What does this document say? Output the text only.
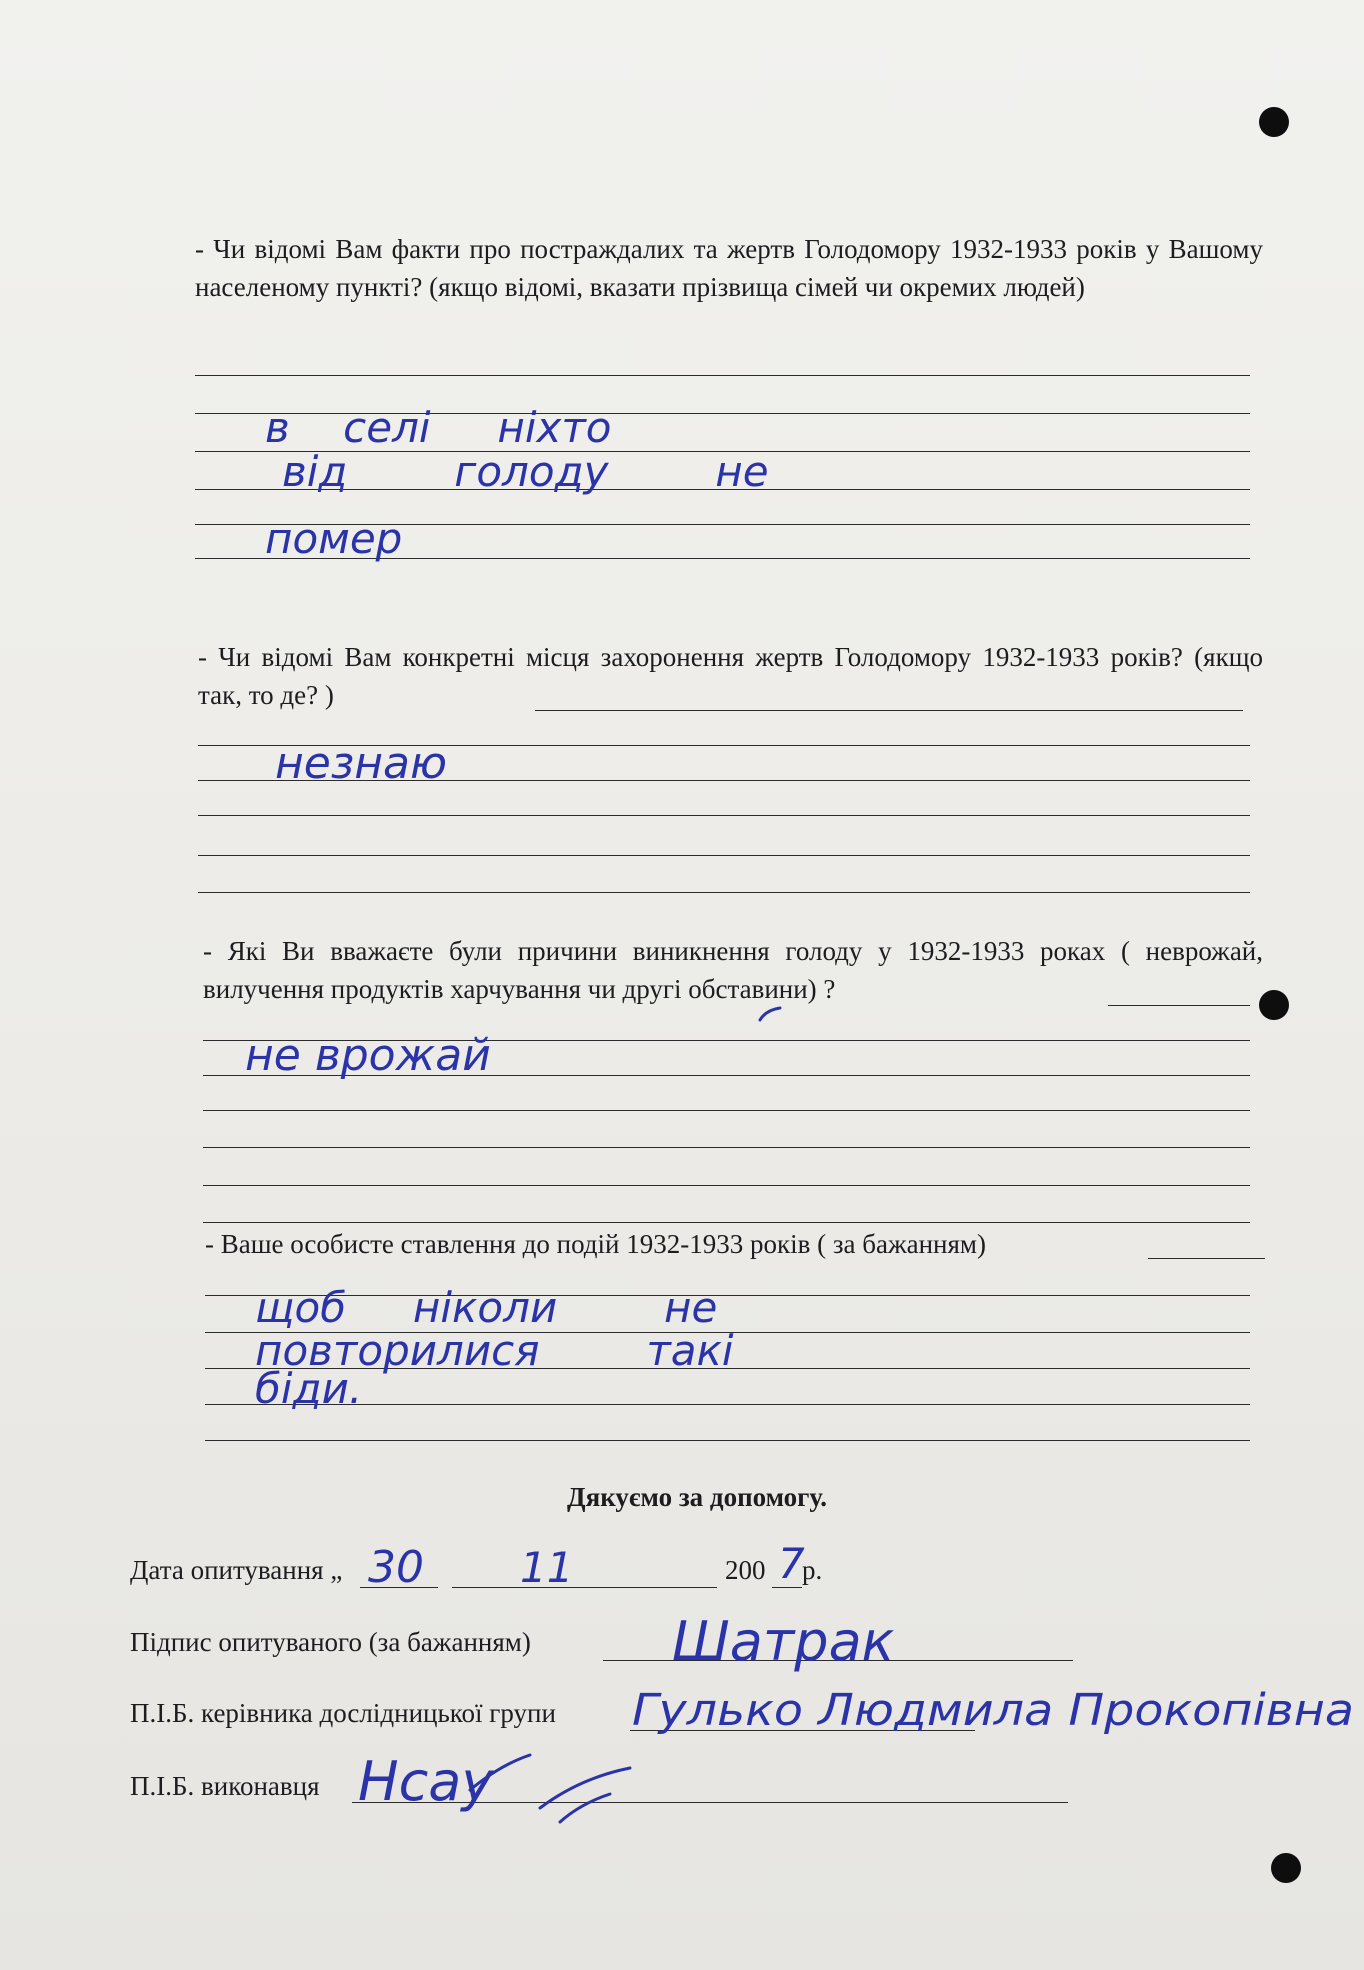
- Чи відомі Вам факти про постраждалих та жертв Голодомору 1932-1933 років у Вашому населеному пункті? (якщо відомі, вказати прізвища сімей чи окремих людей)
- Чи відомі Вам конкретні місця захоронення жертв Голодомору 1932-1933 років? (якщо так, то де? )
- Які Ви вважаєте були причини виникнення голоду у 1932-1933 роках ( неврожай, вилучення продуктів харчування чи другі обставини) ?
- Ваше особисте ставлення до подій 1932-1933 років ( за бажанням)
в    селі     ніхто
від        голоду        не
помер
незнаю
не врожай
щоб     ніколи        не
повторилися        такі
біди.
Дякуємо за допомогу.
Дата опитування „	200 р.
Підпис опитуваного (за бажанням)
П.І.Б. керівника дослідницької групи
П.І.Б. виконавця
30 11	7
Шатрак
Гулько Людмила Прокопівна
Нсау
